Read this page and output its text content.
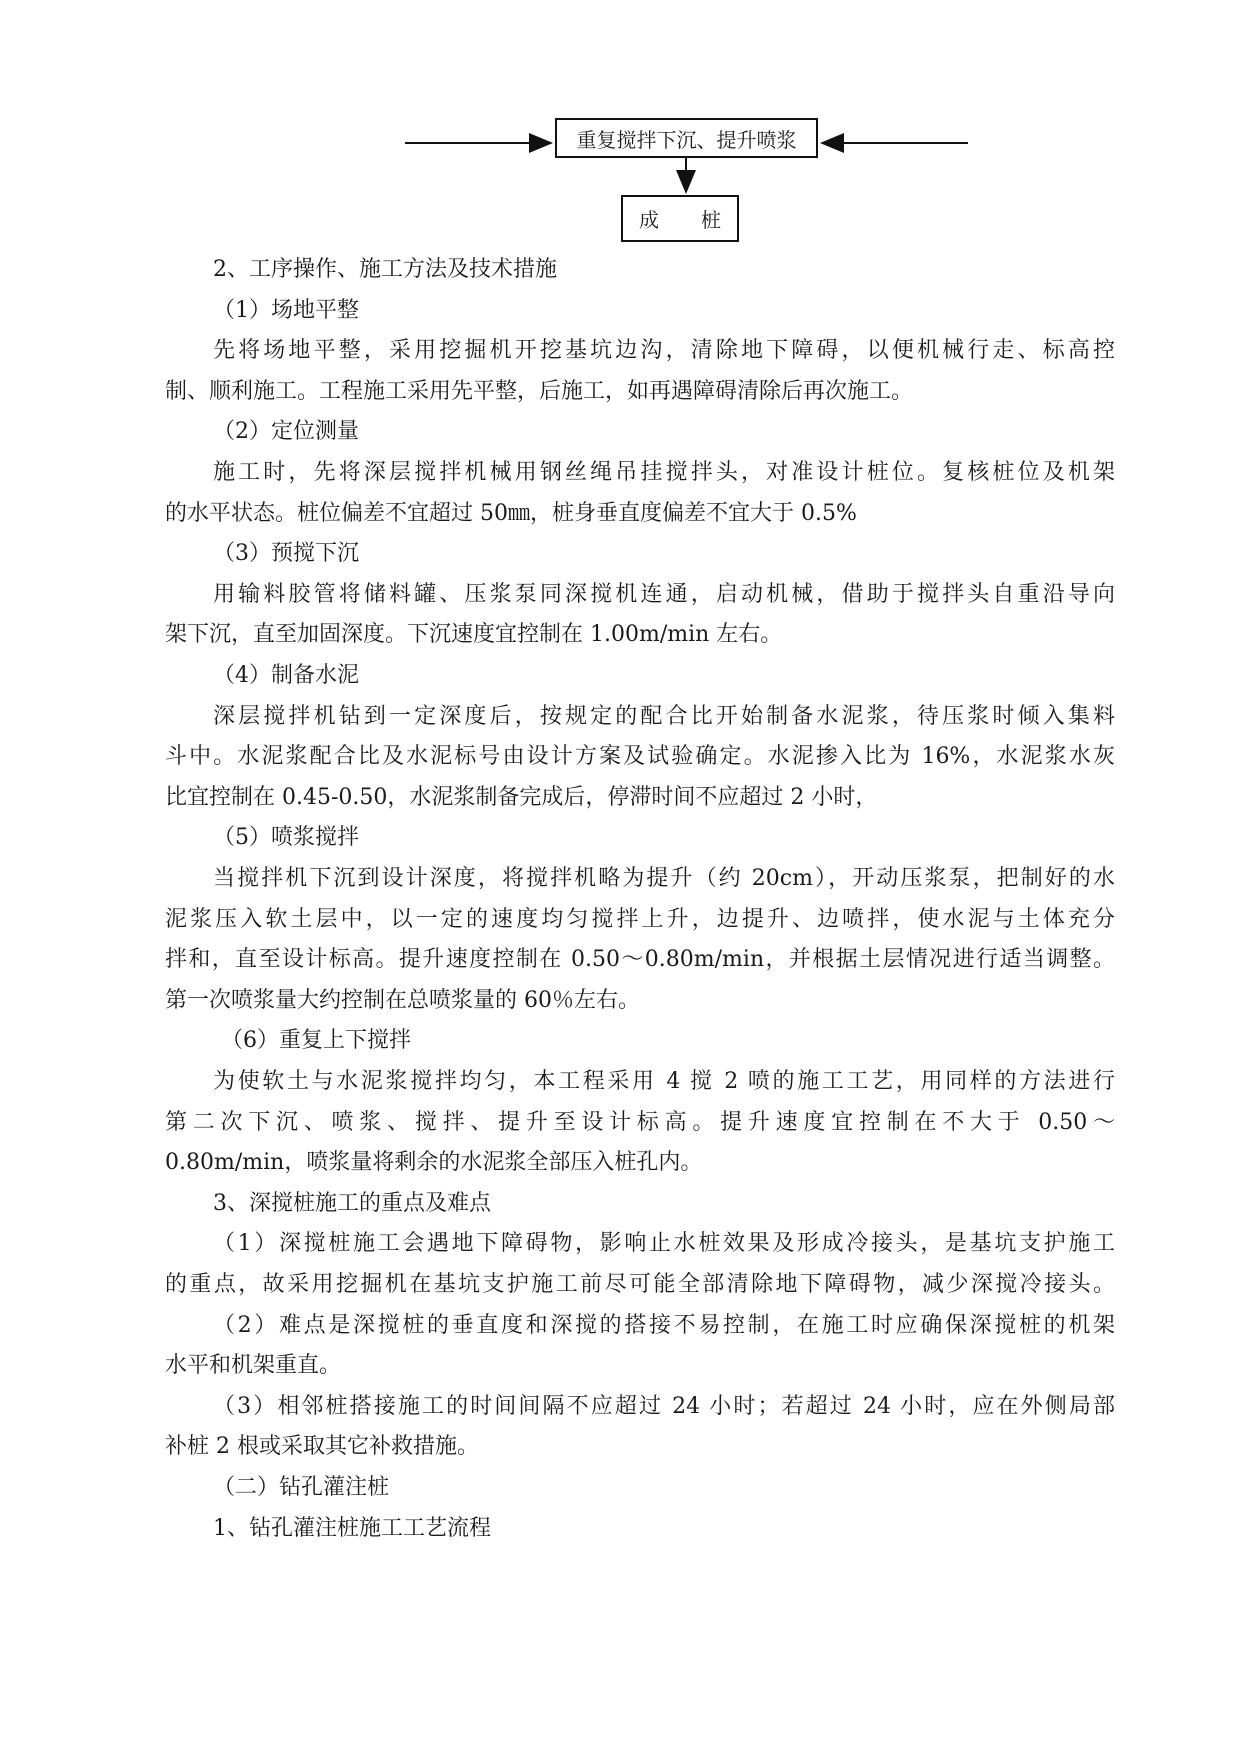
重复搅拌下沉、提升喷浆
成 桩
2、工序操作、施工方法及技术措施
（1）场地平整
先将场地平整，采用挖掘机开挖基坑边沟，清除地下障碍，以便机械行走、标高控
制、顺利施工。工程施工采用先平整，后施工，如再遇障碍清除后再次施工。
（2）定位测量
施工时，先将深层搅拌机械用钢丝绳吊挂搅拌头，对准设计桩位。复核桩位及机架
的水平状态。桩位偏差不宜超过 50㎜，桩身垂直度偏差不宜大于 0.5%
（3）预搅下沉
用输料胶管将储料罐、压浆泵同深搅机连通，启动机械，借助于搅拌头自重沿导向
架下沉，直至加固深度。下沉速度宜控制在 1.00m/min 左右。
（4）制备水泥
深层搅拌机钻到一定深度后，按规定的配合比开始制备水泥浆，待压浆时倾入集料
斗中。水泥浆配合比及水泥标号由设计方案及试验确定。水泥掺入比为 16%，水泥浆水灰
比宜控制在 0.45-0.50，水泥浆制备完成后，停滞时间不应超过 2 小时，
（5）喷浆搅拌
当搅拌机下沉到设计深度，将搅拌机略为提升（约 20cm），开动压浆泵，把制好的水
泥浆压入软土层中，以一定的速度均匀搅拌上升，边提升、边喷拌，使水泥与土体充分
拌和，直至设计标高。提升速度控制在 0.50～0.80m/min，并根据土层情况进行适当调整。
第一次喷浆量大约控制在总喷浆量的 60％左右。
（6）重复上下搅拌
为使软土与水泥浆搅拌均匀，本工程采用 4 搅 2 喷的施工工艺，用同样的方法进行
第二次下沉、喷浆、搅拌、提升至设计标高。提升速度宜控制在不大于 0.50～
0.80m/min，喷浆量将剩余的水泥浆全部压入桩孔内。
3、深搅桩施工的重点及难点
（1）深搅桩施工会遇地下障碍物，影响止水桩效果及形成冷接头，是基坑支护施工
的重点，故采用挖掘机在基坑支护施工前尽可能全部清除地下障碍物，减少深搅冷接头。
（2）难点是深搅桩的垂直度和深搅的搭接不易控制，在施工时应确保深搅桩的机架
水平和机架重直。
（3）相邻桩搭接施工的时间间隔不应超过 24 小时；若超过 24 小时，应在外侧局部
补桩 2 根或采取其它补救措施。
（二）钻孔灌注桩
1、钻孔灌注桩施工工艺流程
